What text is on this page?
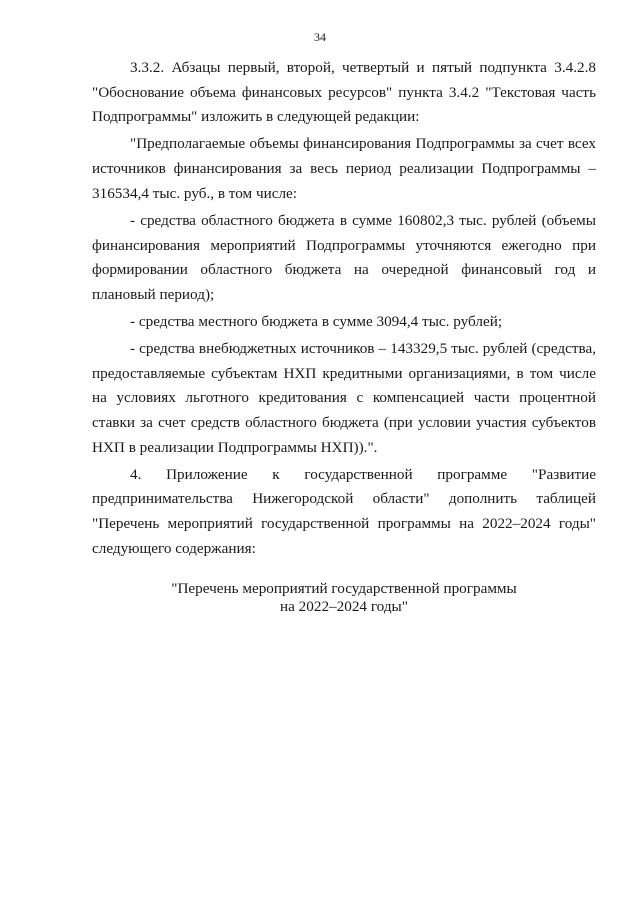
34

3.3.2. Абзацы первый, второй, четвертый и пятый подпункта 3.4.2.8 "Обоснование объема финансовых ресурсов" пункта 3.4.2 "Текстовая часть Подпрограммы" изложить в следующей редакции:

"Предполагаемые объемы финансирования Подпрограммы за счет всех источников финансирования за весь период реализации Подпрограммы – 316534,4 тыс. руб., в том числе:

- средства областного бюджета в сумме 160802,3 тыс. рублей (объемы финансирования мероприятий Подпрограммы уточняются ежегодно при формировании областного бюджета на очередной финансовый год и плановый период);

- средства местного бюджета в сумме 3094,4 тыс. рублей;

- средства внебюджетных источников – 143329,5 тыс. рублей (средства, предоставляемые субъектам НХП кредитными организациями, в том числе на условиях льготного кредитования с компенсацией части процентной ставки за счет средств областного бюджета (при условии участия субъектов НХП в реализации Подпрограммы НХП)).".

4. Приложение к государственной программе "Развитие предпринимательства Нижегородской области" дополнить таблицей "Перечень мероприятий государственной программы на 2022–2024 годы" следующего содержания:

"Перечень мероприятий государственной программы
на 2022–2024 годы"
